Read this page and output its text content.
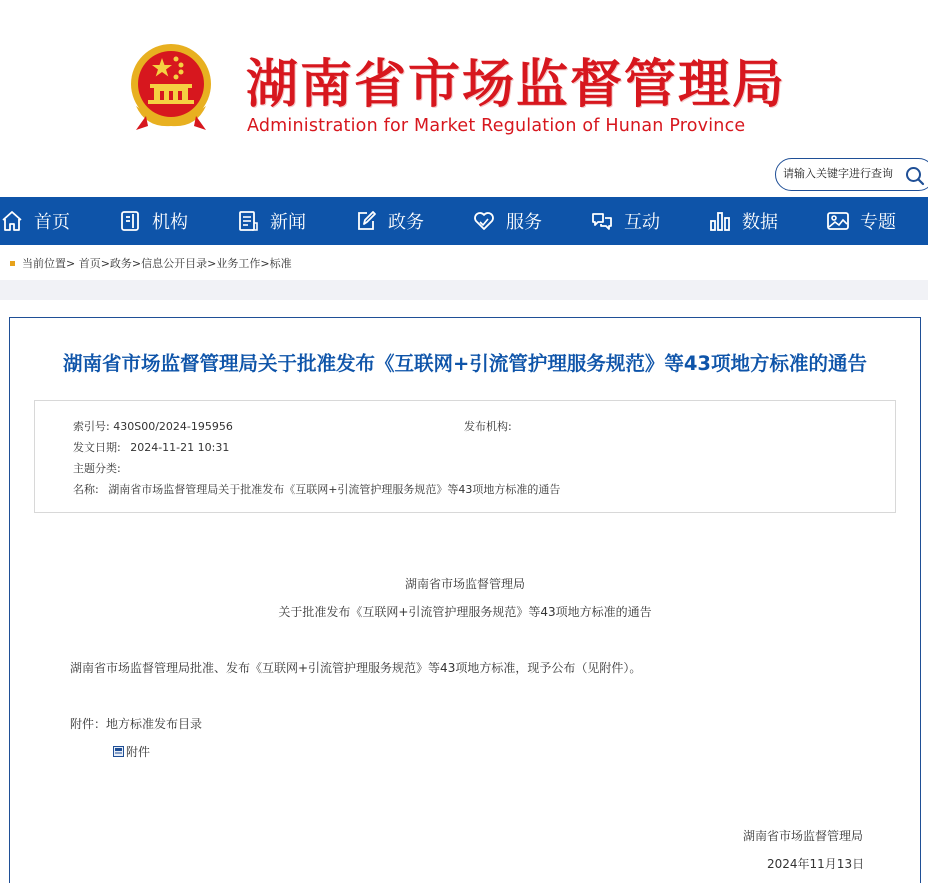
湖南省市场监督管理局
Administration for Market Regulation of Hunan Province
请输入关键字进行查询
首页	机构	新闻	政务	服务	互动	数据	专题
当前位置 > 首页>政务>信息公开目录>业务工作>标准
湖南省市场监督管理局关于批准发布《互联网+引流管护理服务规范》等43项地方标准的通告
索引号: 430S00/2024-195956	发布机构:
发文日期: 2024-11-21 10:31
主题分类:
名称: 湖南省市场监督管理局关于批准发布《互联网+引流管护理服务规范》等43项地方标准的通告
湖南省市场监督管理局
关于批准发布《互联网+引流管护理服务规范》等43项地方标准的通告
湖南省市场监督管理局批准、发布《互联网+引流管护理服务规范》等43项地方标准，现予公布（见附件）。
附件：地方标准发布目录
附件
湖南省市场监督管理局
2024年11月13日
